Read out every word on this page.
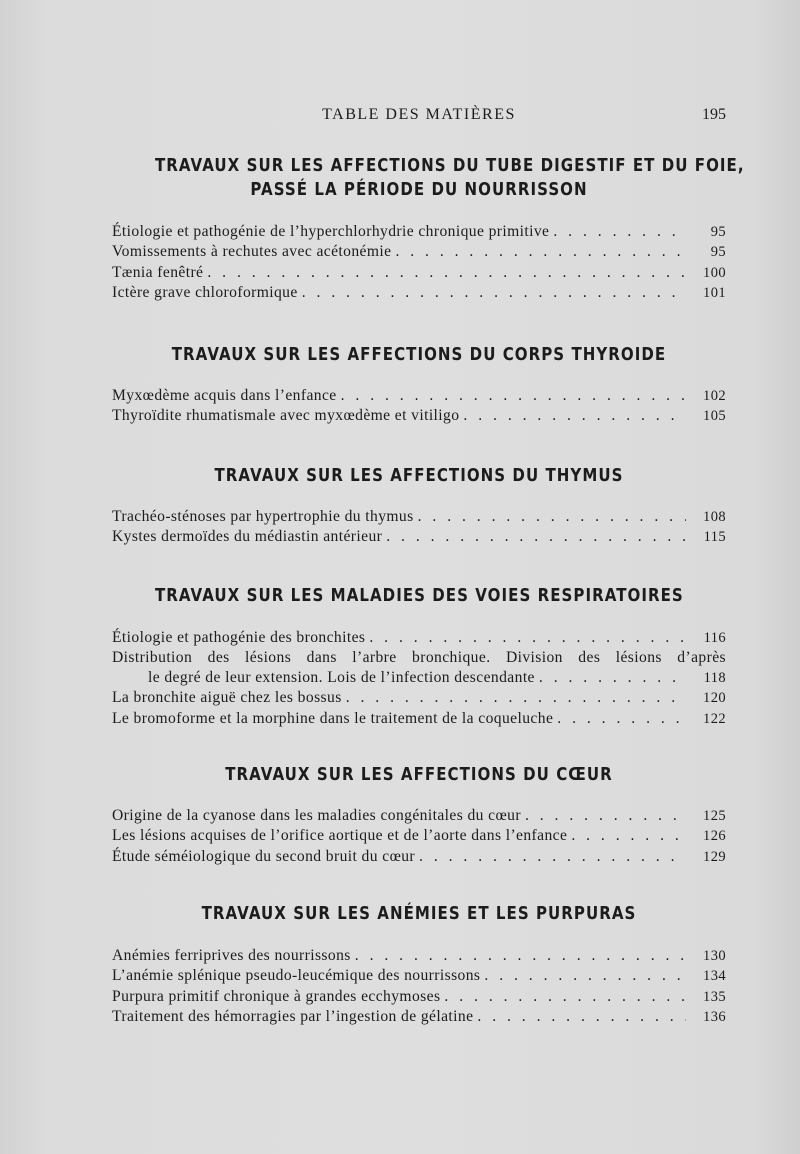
TABLE DES MATIÈRES	195
TRAVAUX SUR LES AFFECTIONS DU TUBE DIGESTIF ET DU FOIE,
PASSÉ LA PÉRIODE DU NOURRISSON
Étiologie et pathogénie de l’hyperchlorhydrie chronique primitive . . .	95
Vomissements à rechutes avec acétonémie . . .	95
Tænia fenêtré . . .	100
Ictère grave chloroformique . . .	101
TRAVAUX SUR LES AFFECTIONS DU CORPS THYROIDE
Myxœdème acquis dans l’enfance . . .	102
Thyroïdite rhumatismale avec myxœdème et vitiligo . . .	105
TRAVAUX SUR LES AFFECTIONS DU THYMUS
Trachéo-sténoses par hypertrophie du thymus . . .	108
Kystes dermoïdes du médiastin antérieur . . .	115
TRAVAUX SUR LES MALADIES DES VOIES RESPIRATOIRES
Étiologie et pathogénie des bronchites . . .	116
Distribution des lésions dans l’arbre bronchique. Division des lésions d’après
le degré de leur extension. Lois de l’infection descendante . . .	118
La bronchite aiguë chez les bossus . . .	120
Le bromoforme et la morphine dans le traitement de la coqueluche . . .	122
TRAVAUX SUR LES AFFECTIONS DU CŒUR
Origine de la cyanose dans les maladies congénitales du cœur . . .	125
Les lésions acquises de l’orifice aortique et de l’aorte dans l’enfance . . .	126
Étude séméiologique du second bruit du cœur . . .	129
TRAVAUX SUR LES ANÉMIES ET LES PURPURAS
Anémies ferriprives des nourrissons . . .	130
L’anémie splénique pseudo-leucémique des nourrissons . . .	134
Purpura primitif chronique à grandes ecchymoses . . .	135
Traitement des hémorragies par l’ingestion de gélatine . . .	136
